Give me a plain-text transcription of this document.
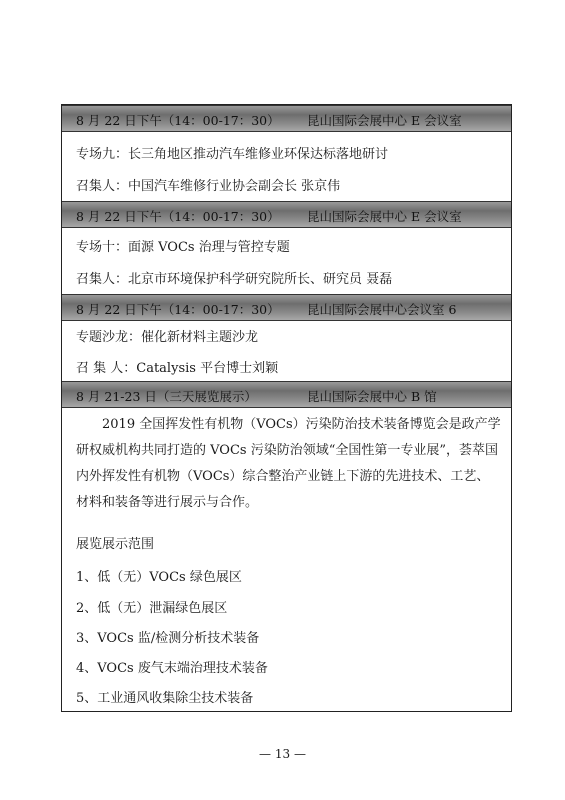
8 月 22 日下午（14：00-17：30） 昆山国际会展中心 E 会议室
专场九：长三角地区推动汽车维修业环保达标落地研讨
召集人：中国汽车维修行业协会副会长 张京伟
8 月 22 日下午（14：00-17：30） 昆山国际会展中心 E 会议室
专场十：面源 VOCs 治理与管控专题
召集人：北京市环境保护科学研究院所长、研究员 聂磊
8 月 22 日下午（14：00-17：30） 昆山国际会展中心会议室 6
专题沙龙：催化新材料主题沙龙
召 集 人：Catalysis 平台博士刘颖
8 月 21-23 日（三天展览展示）	昆山国际会展中心 B 馆
2019 全国挥发性有机物（VOCs）污染防治技术装备博览会是政产学研权威机构共同打造的 VOCs 污染防治领域“全国性第一专业展”，荟萃国内外挥发性有机物（VOCs）综合整治产业链上下游的先进技术、工艺、材料和装备等进行展示与合作。
展览展示范围
1、低（无）VOCs 绿色展区
2、低（无）泄漏绿色展区
3、VOCs 监/检测分析技术装备
4、VOCs 废气末端治理技术装备
5、工业通风收集除尘技术装备
— 13 —
